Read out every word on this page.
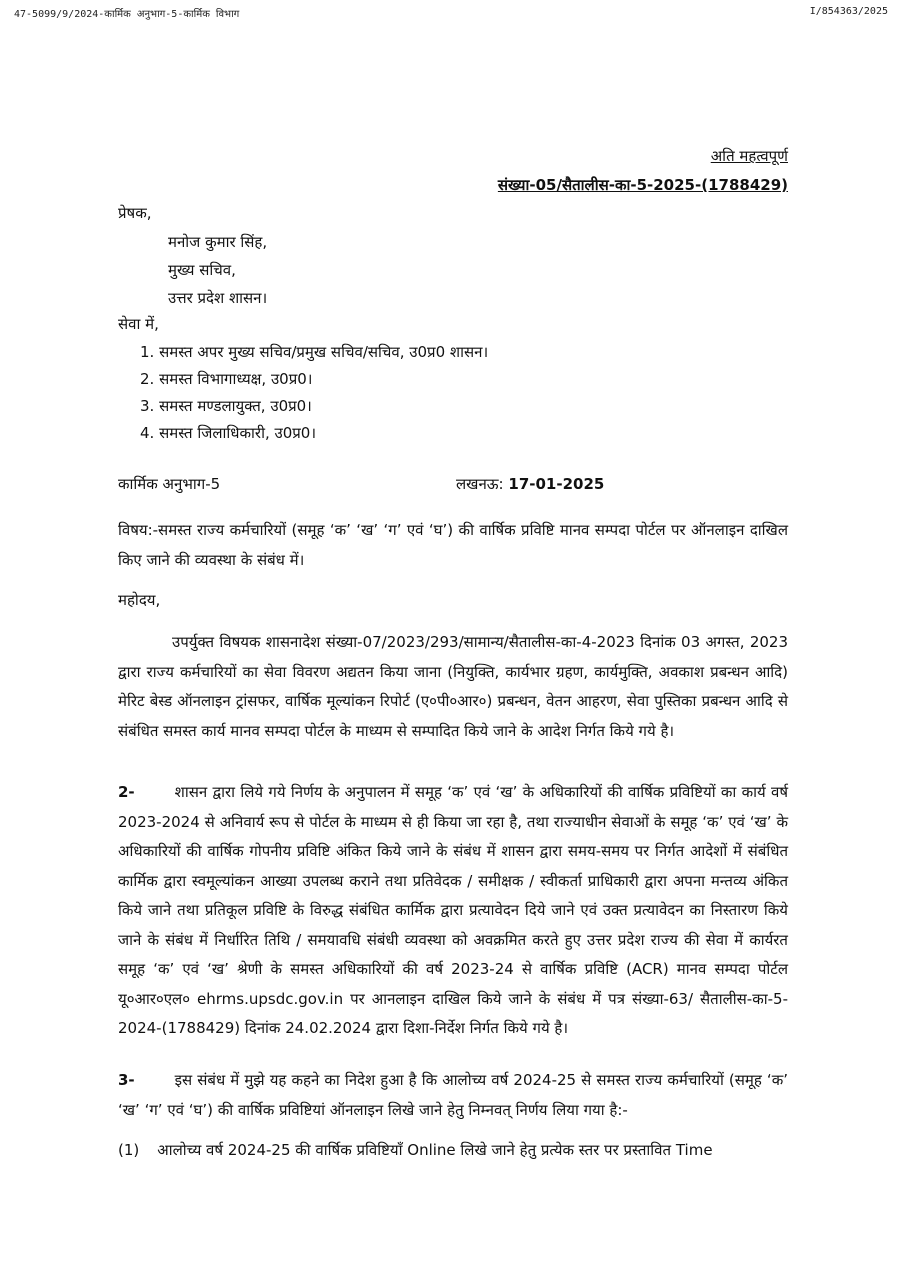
47-5099/9/2024-कार्मिक अनुभाग-5-कार्मिक विभाग	I/854363/2025
अति महत्वपूर्ण
संख्या-05/सैतालीस-का-5-2025-(1788429)
प्रेषक,
मनोज कुमार सिंह,
मुख्य सचिव,
उत्तर प्रदेश शासन।
सेवा में,
1. समस्त अपर मुख्य सचिव/प्रमुख सचिव/सचिव, उ0प्र0 शासन।
2. समस्त विभागाध्यक्ष, उ0प्र0।
3. समस्त मण्डलायुक्त, उ0प्र0।
4. समस्त जिलाधिकारी, उ0प्र0।
कार्मिक अनुभाग-5	लखनऊ: 17-01-2025
विषय:-समस्त राज्य कर्मचारियों (समूह ‘क’ ‘ख’ ‘ग’ एवं ‘घ’) की वार्षिक प्रविष्टि मानव सम्पदा पोर्टल पर ऑनलाइन दाखिल किए जाने की व्यवस्था के संबंध में।
महोदय,
उपर्युक्त विषयक शासनादेश संख्या-07/2023/293/सामान्य/सैतालीस-का-4-2023 दिनांक 03 अगस्त, 2023 द्वारा राज्य कर्मचारियों का सेवा विवरण अद्यतन किया जाना (नियुक्ति, कार्यभार ग्रहण, कार्यमुक्ति, अवकाश प्रबन्धन आदि) मेरिट बेस्ड ऑनलाइन ट्रांसफर, वार्षिक मूल्यांकन रिपोर्ट (ए०पी०आर०) प्रबन्धन, वेतन आहरण, सेवा पुस्तिका प्रबन्धन आदि से संबंधित समस्त कार्य मानव सम्पदा पोर्टल के माध्यम से सम्पादित किये जाने के आदेश निर्गत किये गये है।
2-	शासन द्वारा लिये गये निर्णय के अनुपालन में समूह ‘क’ एवं ‘ख’ के अधिकारियों की वार्षिक प्रविष्टियों का कार्य वर्ष 2023-2024 से अनिवार्य रूप से पोर्टल के माध्यम से ही किया जा रहा है, तथा राज्याधीन सेवाओं के समूह ‘क’ एवं ‘ख’ के अधिकारियों की वार्षिक गोपनीय प्रविष्टि अंकित किये जाने के संबंध में शासन द्वारा समय-समय पर निर्गत आदेशों में संबंधित कार्मिक द्वारा स्वमूल्यांकन आख्या उपलब्ध कराने तथा प्रतिवेदक / समीक्षक / स्वीकर्ता प्राधिकारी द्वारा अपना मन्तव्य अंकित किये जाने तथा प्रतिकूल प्रविष्टि के विरुद्ध संबंधित कार्मिक द्वारा प्रत्यावेदन दिये जाने एवं उक्त प्रत्यावेदन का निस्तारण किये जाने के संबंध में निर्धारित तिथि / समयावधि संबंधी व्यवस्था को अवक्रमित करते हुए उत्तर प्रदेश राज्य की सेवा में कार्यरत समूह ‘क’ एवं ‘ख’ श्रेणी के समस्त अधिकारियों की वर्ष 2023-24 से वार्षिक प्रविष्टि (ACR) मानव सम्पदा पोर्टल यू०आर०एल० ehrms.upsdc.gov.in पर आनलाइन दाखिल किये जाने के संबंध में पत्र संख्या-63/ सैतालीस-का-5-2024-(1788429) दिनांक 24.02.2024 द्वारा दिशा-निर्देश निर्गत किये गये है।
3-	इस संबंध में मुझे यह कहने का निदेश हुआ है कि आलोच्य वर्ष 2024-25 से समस्त राज्य कर्मचारियों (समूह ‘क’ ‘ख’ ‘ग’ एवं ‘घ’) की वार्षिक प्रविष्टियां ऑनलाइन लिखे जाने हेतु निम्नवत् निर्णय लिया गया है:-
(1) आलोच्य वर्ष 2024-25 की वार्षिक प्रविष्टियाँ Online लिखे जाने हेतु प्रत्येक स्तर पर प्रस्तावित Time
